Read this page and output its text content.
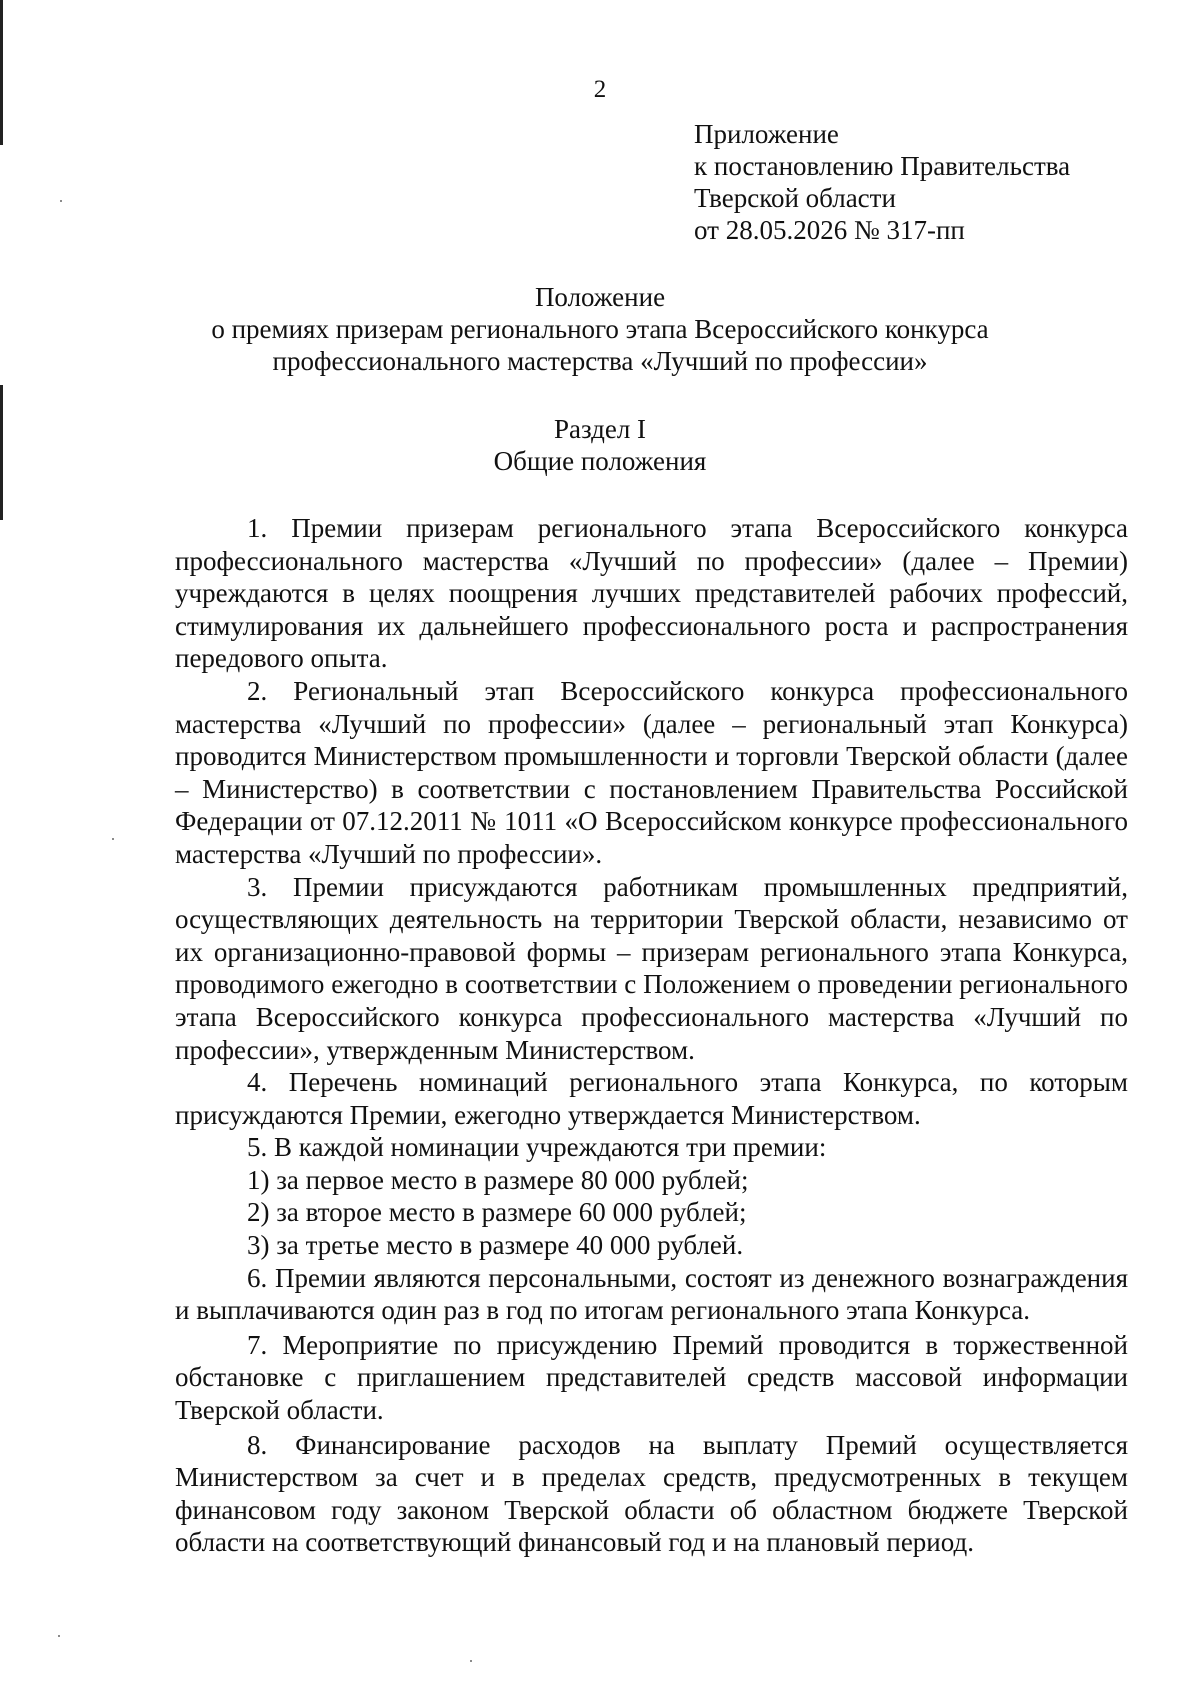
2
Приложение
к постановлению Правительства
Тверской области
от 28.05.2026 № 317-пп
Положение
о премиях призерам регионального этапа Всероссийского конкурса
профессионального мастерства «Лучший по профессии»
Раздел I
Общие положения

1. Премии призерам регионального этапа Всероссийского конкурса профессионального мастерства «Лучший по профессии» (далее – Премии) учреждаются в целях поощрения лучших представителей рабочих профессий, стимулирования их дальнейшего профессионального роста и распространения передового опыта.

2. Региональный этап Всероссийского конкурса профессионального мастерства «Лучший по профессии» (далее – региональный этап Конкурса) проводится Министерством промышленности и торговли Тверской области (далее – Министерство) в соответствии с постановлением Правительства Российской Федерации от 07.12.2011 № 1011 «О Всероссийском конкурсе профессионального мастерства «Лучший по профессии».

3. Премии присуждаются работникам промышленных предприятий, осуществляющих деятельность на территории Тверской области, независимо от их организационно-правовой формы – призерам регионального этапа Конкурса, проводимого ежегодно в соответствии с Положением о проведении регионального этапа Всероссийского конкурса профессионального мастерства «Лучший по профессии», утвержденным Министерством.

4. Перечень номинаций регионального этапа Конкурса, по которым присуждаются Премии, ежегодно утверждается Министерством.

5. В каждой номинации учреждаются три премии:

1) за первое место в размере 80 000 рублей;

2) за второе место в размере 60 000 рублей;

3) за третье место в размере 40 000 рублей.

6. Премии являются персональными, состоят из денежного вознаграждения и выплачиваются один раз в год по итогам регионального этапа Конкурса.

7. Мероприятие по присуждению Премий проводится в торжественной обстановке с приглашением представителей средств массовой информации Тверской области.

8. Финансирование расходов на выплату Премий осуществляется Министерством за счет и в пределах средств, предусмотренных в текущем финансовом году законом Тверской области об областном бюджете Тверской области на соответствующий финансовый год и на плановый период.
